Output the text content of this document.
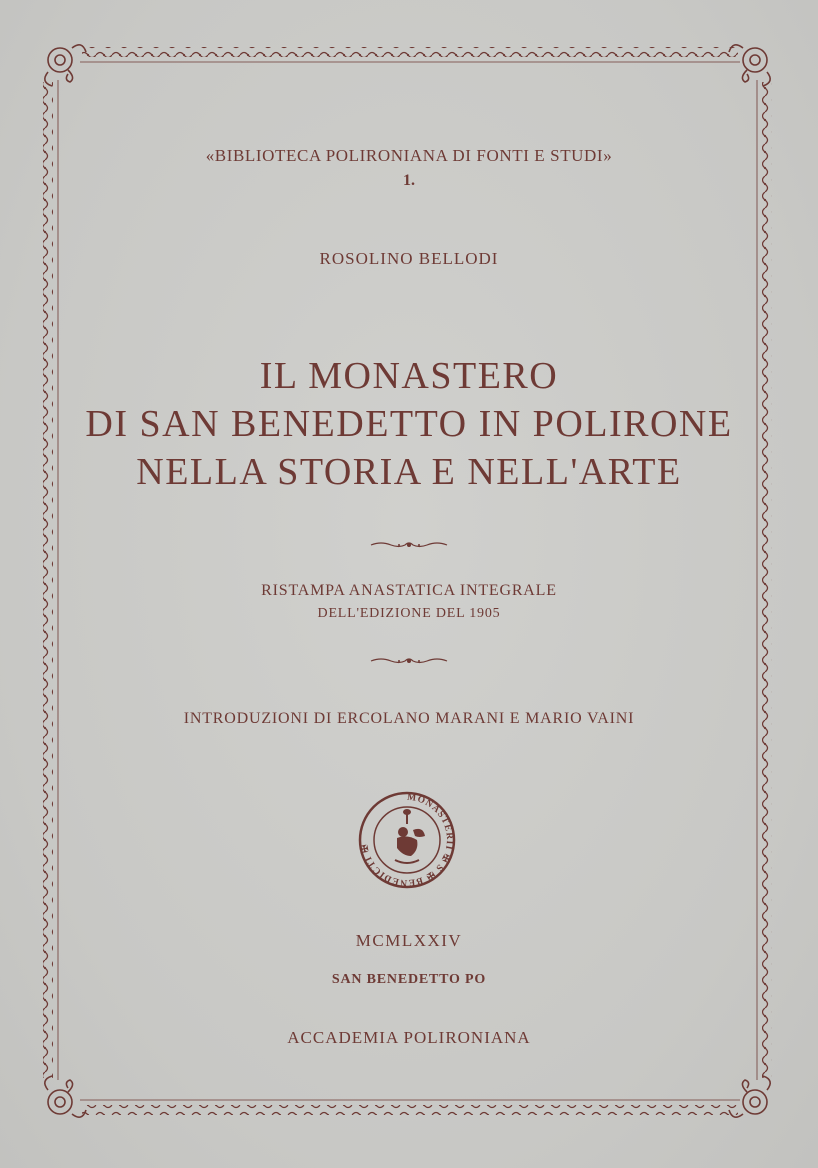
«BIBLIOTECA POLIRONIANA DI FONTI E STUDI»
1.
ROSOLINO BELLODI
IL MONASTERO
DI SAN BENEDETTO IN POLIRONE
NELLA STORIA E NELL'ARTE
RISTAMPA ANASTATICA INTEGRALE
DELL'EDIZIONE DEL 1905
INTRODUZIONI DI ERCOLANO MARANI E MARIO VAINI
MONASTERII ✠ S ✠ BENEDICTI ✠
MCMLXXIV
SAN BENEDETTO PO
ACCADEMIA POLIRONIANA
